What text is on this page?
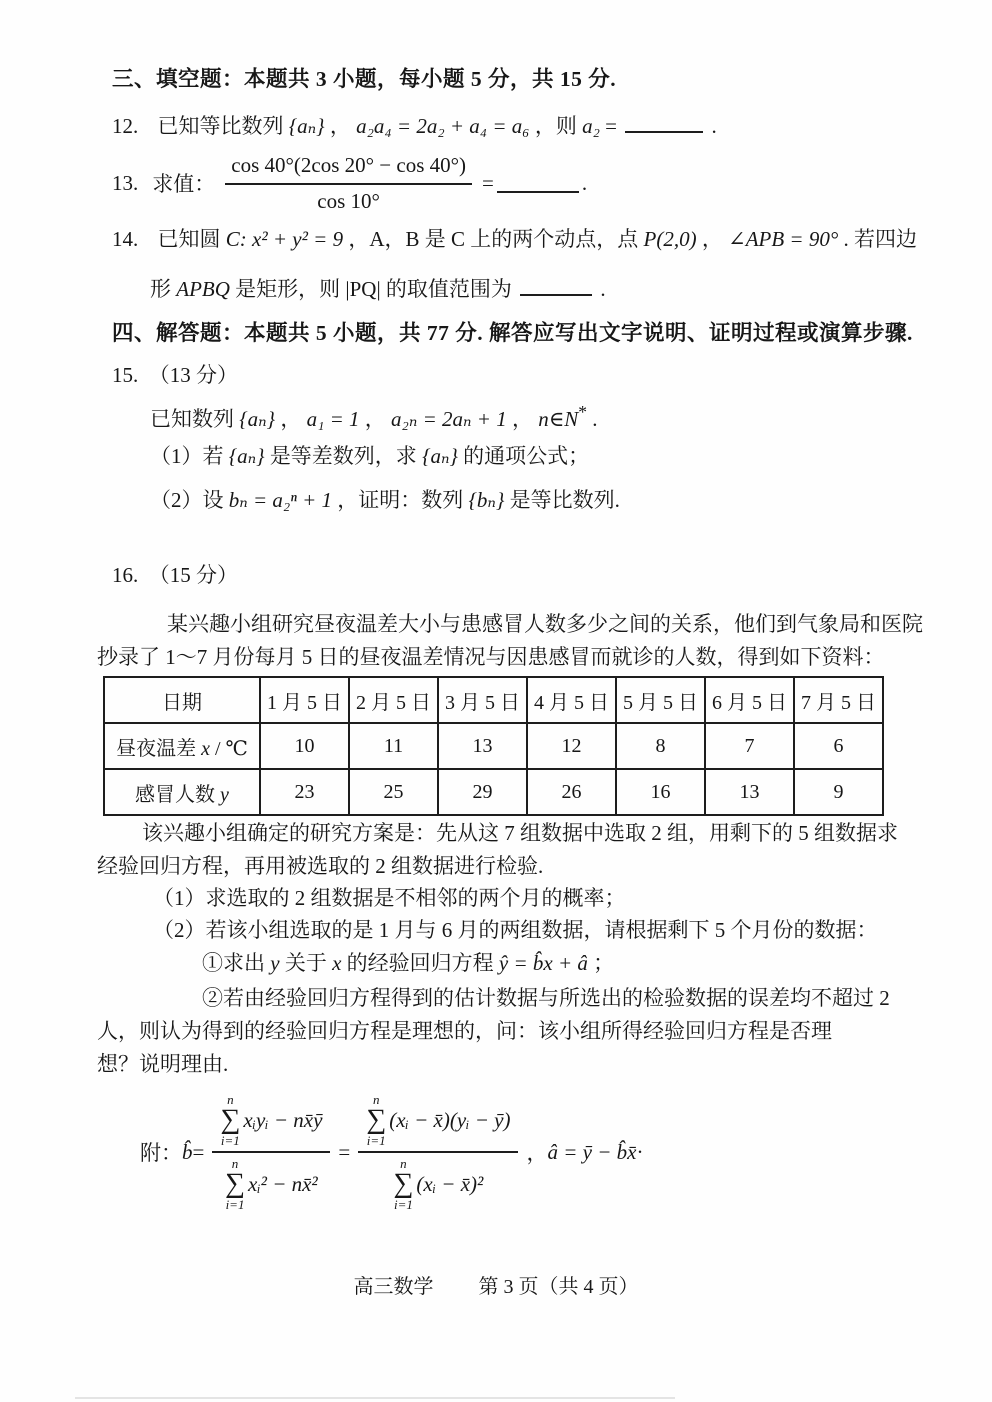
三、填空题：本题共 3 小题，每小题 5 分，共 15 分.
12. 已知等比数列 {aₙ} ， a₂a₄ = 2a₂ + a₄ = a₆ ，则 a₂ =	.
13. 求值： $\frac{\cos 40^\circ(2\cos 20^\circ - \cos 40^\circ)}{\cos 10^\circ}$ =	.
14. 已知圆 C: x² + y² = 9 ，A，B 是 C 上的两个动点，点 P(2,0) ， ∠APB = 90° . 若四边
形 APBQ 是矩形，则 |PQ| 的取值范围为	.
四、解答题：本题共 5 小题，共 77 分. 解答应写出文字说明、证明过程或演算步骤.
15.　（13 分）
已知数列 {aₙ} ， a₁ = 1 ， a₂ₙ = 2aₙ + 1 ， n∈N* .
（1）若 {aₙ} 是等差数列，求 {aₙ} 的通项公式；
（2）设 bₙ = a₂ⁿ + 1 ，证明：数列 {bₙ} 是等比数列.
16.　（15 分）
某兴趣小组研究昼夜温差大小与患感冒人数多少之间的关系，他们到气象局和医院
抄录了 1～7 月份每月 5 日的昼夜温差情况与因患感冒而就诊的人数，得到如下资料：
日期	1 月 5 日	2 月 5 日	3 月 5 日	4 月 5 日	5 月 5 日	6 月 5 日	7 月 5 日
昼夜温差 x / ℃	10	11	13	12	8	7	6
感冒人数 y	23	25	29	26	16	13	9
该兴趣小组确定的研究方案是：先从这 7 组数据中选取 2 组，用剩下的 5 组数据求
经验回归方程，再用被选取的 2 组数据进行检验.
（1）求选取的 2 组数据是不相邻的两个月的概率；
（2）若该小组选取的是 1 月与 6 月的两组数据，请根据剩下 5 个月份的数据：
①求出 y 关于 x 的经验回归方程 ŷ = b̂x + â ；
②若由经验回归方程得到的估计数据与所选出的检验数据的误差均不超过 2
人，则认为得到的经验回归方程是理想的，问：该小组所得经验回归方程是否理
想？说明理由.
附： b̂ =
n
∑
i=1
xᵢyᵢ − nx̄ȳ
n
∑
i=1
xᵢ² − nx̄²
=
n
∑
i=1
(xᵢ − x̄)(yᵢ − ȳ)
n
∑
i=1
(xᵢ − x̄)²
， â = ȳ − b̂x̄ ·
高三数学 第 3 页（共 4 页）
